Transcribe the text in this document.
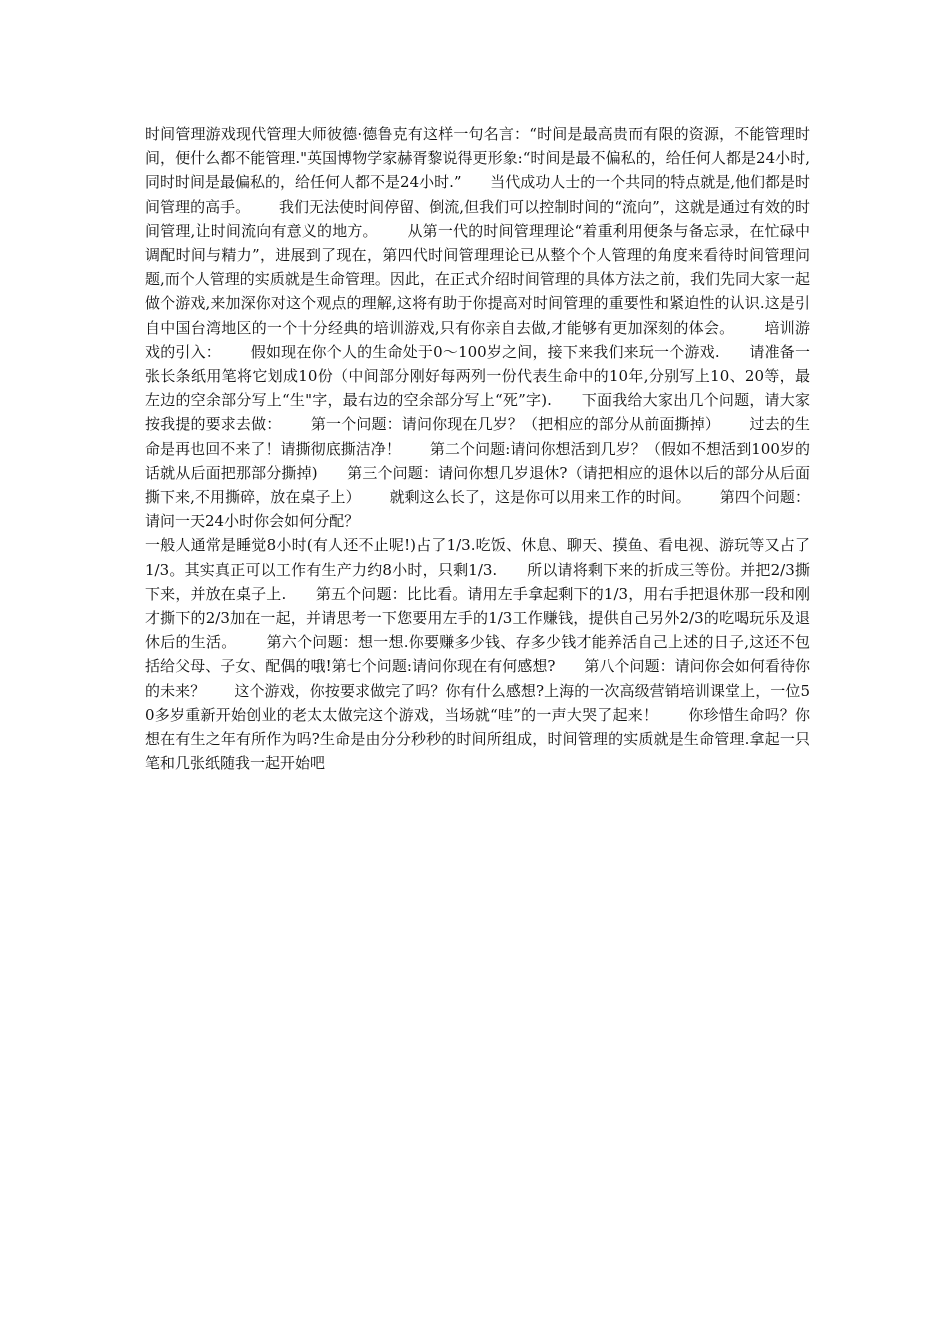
时间管理游戏现代管理大师彼德·德鲁克有这样一句名言：“时间是最高贵而有限的资源，不能管理时间，便什么都不能管理."英国博物学家赫胥黎说得更形象:“时间是最不偏私的，给任何人都是24小时,同时时间是最偏私的，给任何人都不是24小时.”      当代成功人士的一个共同的特点就是,他们都是时间管理的高手。      我们无法使时间停留、倒流,但我们可以控制时间的“流向”，这就是通过有效的时间管理,让时间流向有意义的地方。      从第一代的时间管理理论“着重利用便条与备忘录，在忙碌中调配时间与精力”，进展到了现在，第四代时间管理理论已从整个个人管理的角度来看待时间管理问题,而个人管理的实质就是生命管理。因此，在正式介绍时间管理的具体方法之前，我们先同大家一起做个游戏,来加深你对这个观点的理解,这将有助于你提高对时间管理的重要性和紧迫性的认识.这是引自中国台湾地区的一个十分经典的培训游戏,只有你亲自去做,才能够有更加深刻的体会。      培训游戏的引入：      假如现在你个人的生命处于0～100岁之间，接下来我们来玩一个游戏.      请准备一张长条纸用笔将它划成10份（中间部分刚好每两列一份代表生命中的10年,分别写上10、20等，最左边的空余部分写上“生"字，最右边的空余部分写上“死”字).      下面我给大家出几个问题，请大家按我提的要求去做：      第一个问题：请问你现在几岁？（把相应的部分从前面撕掉）      过去的生命是再也回不来了！请撕彻底撕洁净！      第二个问题:请问你想活到几岁？（假如不想活到100岁的话就从后面把那部分撕掉)      第三个问题：请问你想几岁退休?（请把相应的退休以后的部分从后面撕下来,不用撕碎，放在桌子上）      就剩这么长了，这是你可以用来工作的时间。      第四个问题：请问一天24小时你会如何分配？

一般人通常是睡觉8小时(有人还不止呢!)占了1/3.吃饭、休息、聊天、摸鱼、看电视、游玩等又占了1/3。其实真正可以工作有生产力约8小时，只剩1/3.      所以请将剩下来的折成三等份。并把2/3撕下来，并放在桌子上.      第五个问题：比比看。请用左手拿起剩下的1/3，用右手把退休那一段和刚才撕下的2/3加在一起，并请思考一下您要用左手的1/3工作赚钱，提供自己另外2/3的吃喝玩乐及退休后的生活。      第六个问题：想一想.你要赚多少钱、存多少钱才能养活自己上述的日子,这还不包括给父母、子女、配偶的哦!第七个问题:请问你现在有何感想?      第八个问题：请问你会如何看待你的未来？      这个游戏，你按要求做完了吗？你有什么感想?上海的一次高级营销培训课堂上，一位50多岁重新开始创业的老太太做完这个游戏，当场就“哇”的一声大哭了起来！      你珍惜生命吗？你想在有生之年有所作为吗?生命是由分分秒秒的时间所组成，时间管理的实质就是生命管理.拿起一只笔和几张纸随我一起开始吧
